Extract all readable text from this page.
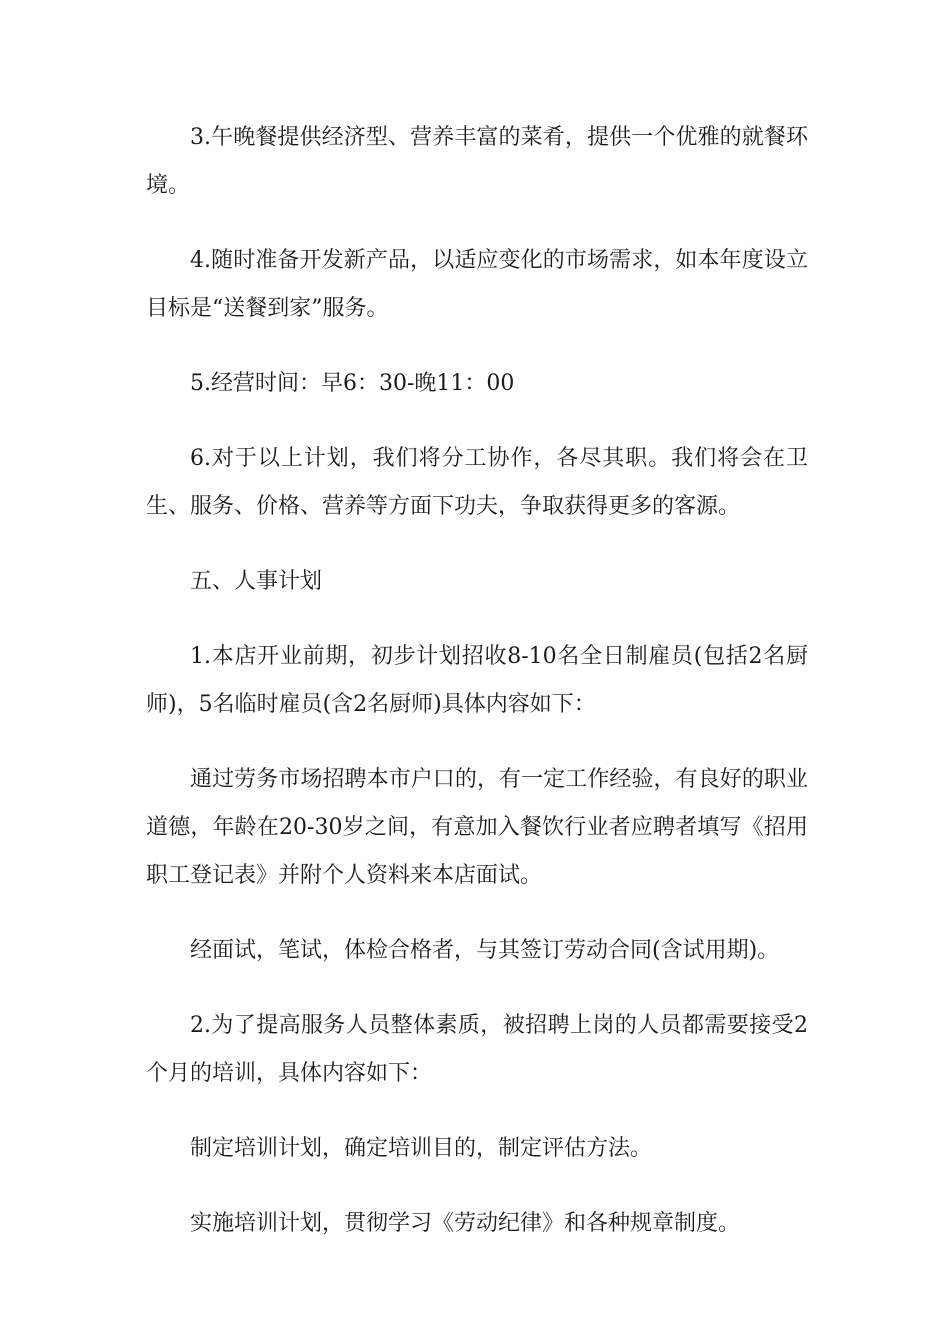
3.午晚餐提供经济型、营养丰富的菜肴，提供一个优雅的就餐环境。

4.随时准备开发新产品，以适应变化的市场需求，如本年度设立目标是“送餐到家”服务。

5.经营时间：早6：30-晚11：00

6.对于以上计划，我们将分工协作，各尽其职。我们将会在卫生、服务、价格、营养等方面下功夫，争取获得更多的客源。

五、人事计划

1.本店开业前期，初步计划招收8-10名全日制雇员(包括2名厨师)，5名临时雇员(含2名厨师)具体内容如下：

通过劳务市场招聘本市户口的，有一定工作经验，有良好的职业道德，年龄在20-30岁之间，有意加入餐饮行业者应聘者填写《招用职工登记表》并附个人资料来本店面试。

经面试，笔试，体检合格者，与其签订劳动合同(含试用期)。

2.为了提高服务人员整体素质，被招聘上岗的人员都需要接受2个月的培训，具体内容如下：

制定培训计划，确定培训目的，制定评估方法。

实施培训计划，贯彻学习《劳动纪律》和各种规章制度。
